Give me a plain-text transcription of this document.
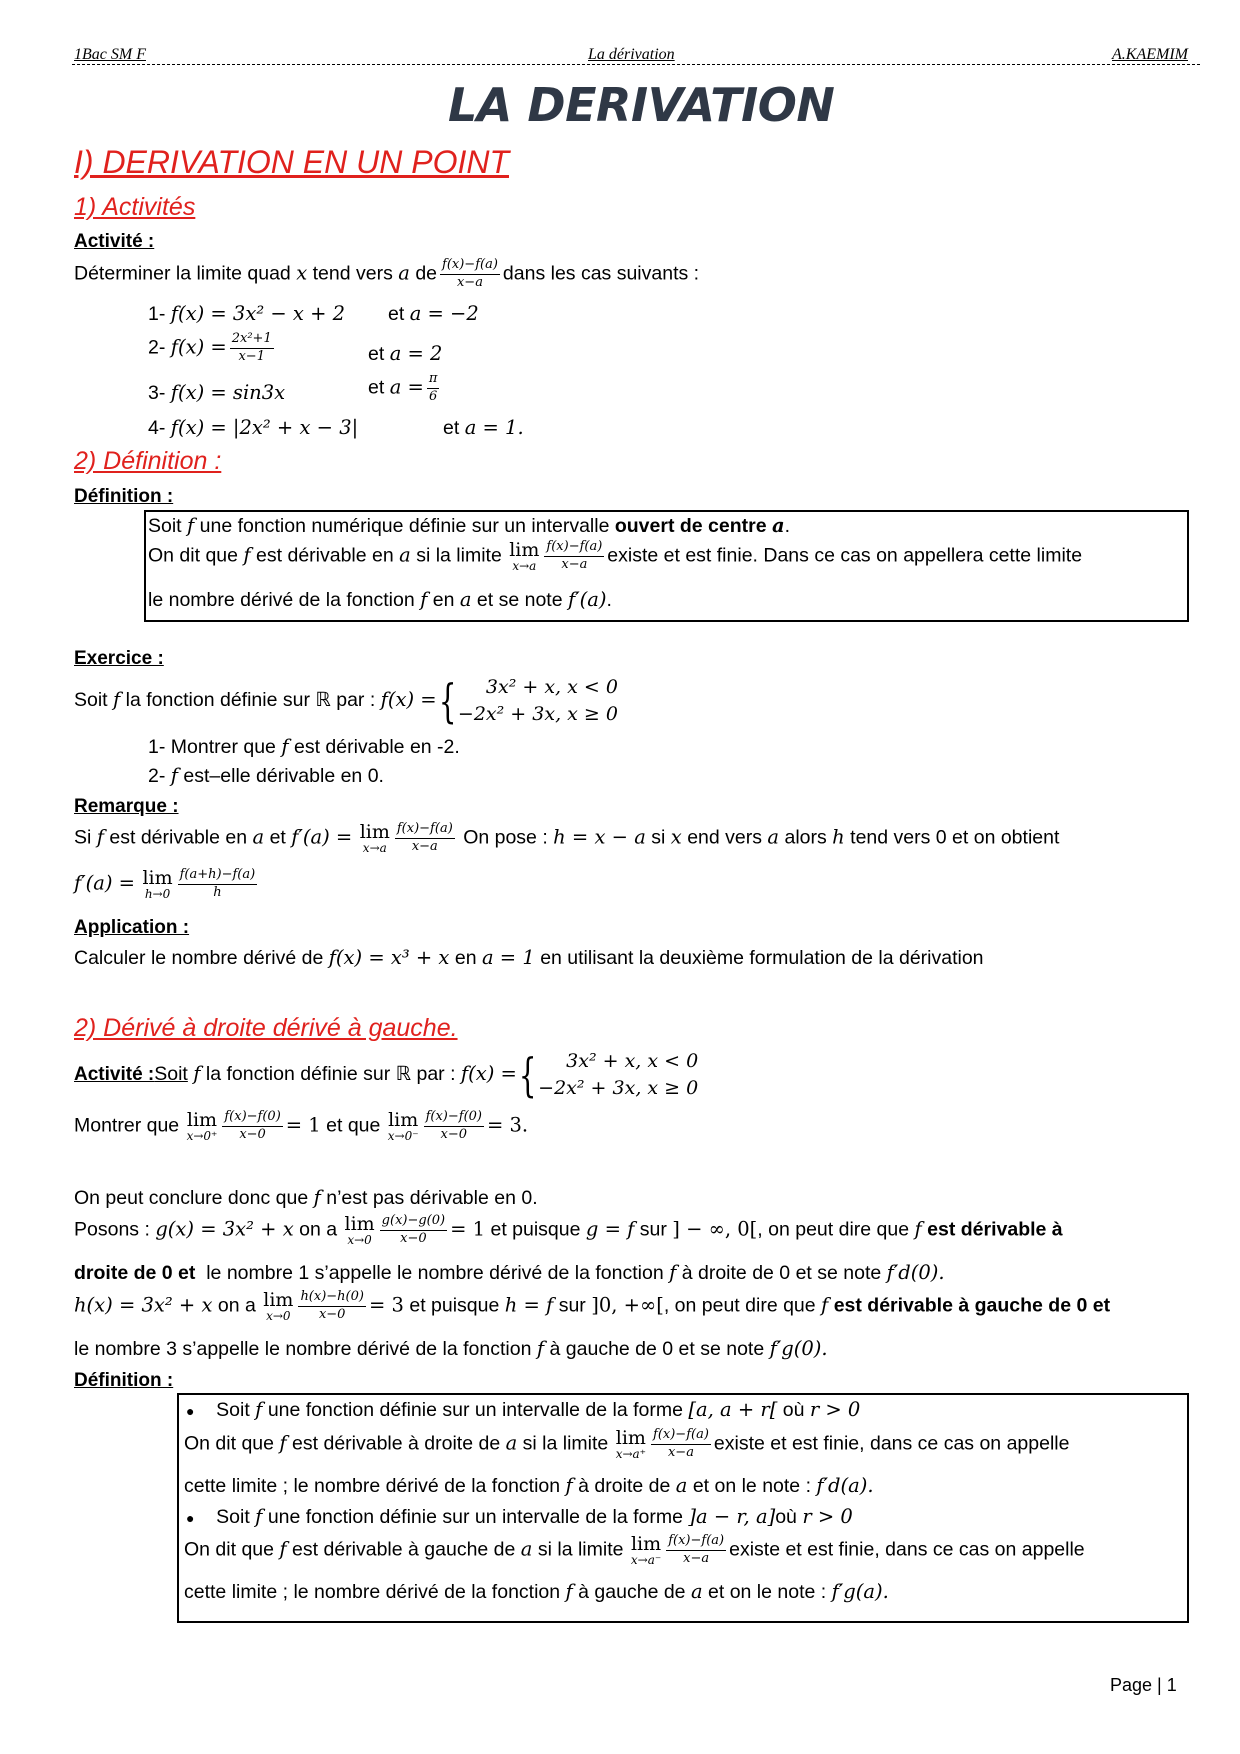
1Bac SM F	La dérivation	A.KAEMIM
LA DERIVATION
I) DERIVATION EN UN POINT
1) Activités
Activité :
Déterminer la limite quad x tend vers a de $\frac{f(x)-f(a)}{x-a}$ dans les cas suivants :
1- f(x) = 3x² − x + 2 et a = −2
2- $f(x) = \frac{\text{2x²+1}}{x-1}$	et a = 2
3- f(x) = sin3x	et $a = \frac{\pi}{6}$
4- f(x) = |2x² + x − 3|	et a = 1.
2) Définition :
Définition :
Soit f une fonction numérique définie sur un intervalle ouvert de centre a.
On dit que f est dérivable en a si la limite lim
$x\to a \frac{f(x)-f(a)}{x-a}$ existe et est finie. Dans ce cas on appellera cette limite
le nombre dérivé de la fonction f en a et se note f′(a).
Exercice :
Soit f la fonction définie sur ℝ par : f(x) ={	3x² + x, x < 0
−2x² + 3x, x ≥ 0
1- Montrer que f est dérivable en -2.
2- f est–elle dérivable en 0.
Remarque :
Si f est dérivable en a et f′(a) = lim
$x\to a \frac{f(x)-f(a)}{x-a}$ On pose : h = x − a si x end vers a alors h tend vers 0 et on obtient
f′(a) = lim
$h\to 0 \frac{f(a+h)-f(a)}{h}$
Application :
Calculer le nombre dérivé de f(x) = x³ + x en a = 1 en utilisant la deuxième formulation de la dérivation
2) Dérivé à droite dérivé à gauche.
Activité :Soit f la fonction définie sur ℝ par : f(x) ={	3x² + x, x < 0
−2x² + 3x, x ≥ 0
Montrer que lim
$x\to 0^+ \frac{f(x)-f(0)}{x-0} = 1$ et que lim
$x\to 0^- \frac{f(x)-f(0)}{x-0} = 3$.
On peut conclure donc que f n’est pas dérivable en 0.
Posons : g(x) = 3x² + x on a lim
$x\to 0 \frac{g(x)-g(0)}{x-0} = 1$ et puisque g = f sur ] − ∞, 0[, on peut dire que f est dérivable à
droite de 0 et le nombre 1 s’appelle le nombre dérivé de la fonction f à droite de 0 et se note f′d(0).
h(x) = 3x² + x on a lim
$x\to 0 \frac{h(x)-h(0)}{x-0} = 3$ et puisque h = f sur ]0, +∞[, on peut dire que f est dérivable à gauche de 0 et
le nombre 3 s’appelle le nombre dérivé de la fonction f à gauche de 0 et se note f′g(0).
Définition :
● Soit f une fonction définie sur un intervalle de la forme [a, a + r[ où r > 0
On dit que f est dérivable à droite de a si la limite lim
$x\to a^+ \frac{f(x)-f(a)}{x-a}$ existe et est finie, dans ce cas on appelle
cette limite ; le nombre dérivé de la fonction f à droite de a et on le note : f′d(a).
● Soit f une fonction définie sur un intervalle de la forme ]a − r, a]où r > 0
On dit que f est dérivable à gauche de a si la limite lim
$x\to a^- \frac{f(x)-f(a)}{x-a}$ existe et est finie, dans ce cas on appelle
cette limite ; le nombre dérivé de la fonction f à gauche de a et on le note : f′g(a).
Page | 1
